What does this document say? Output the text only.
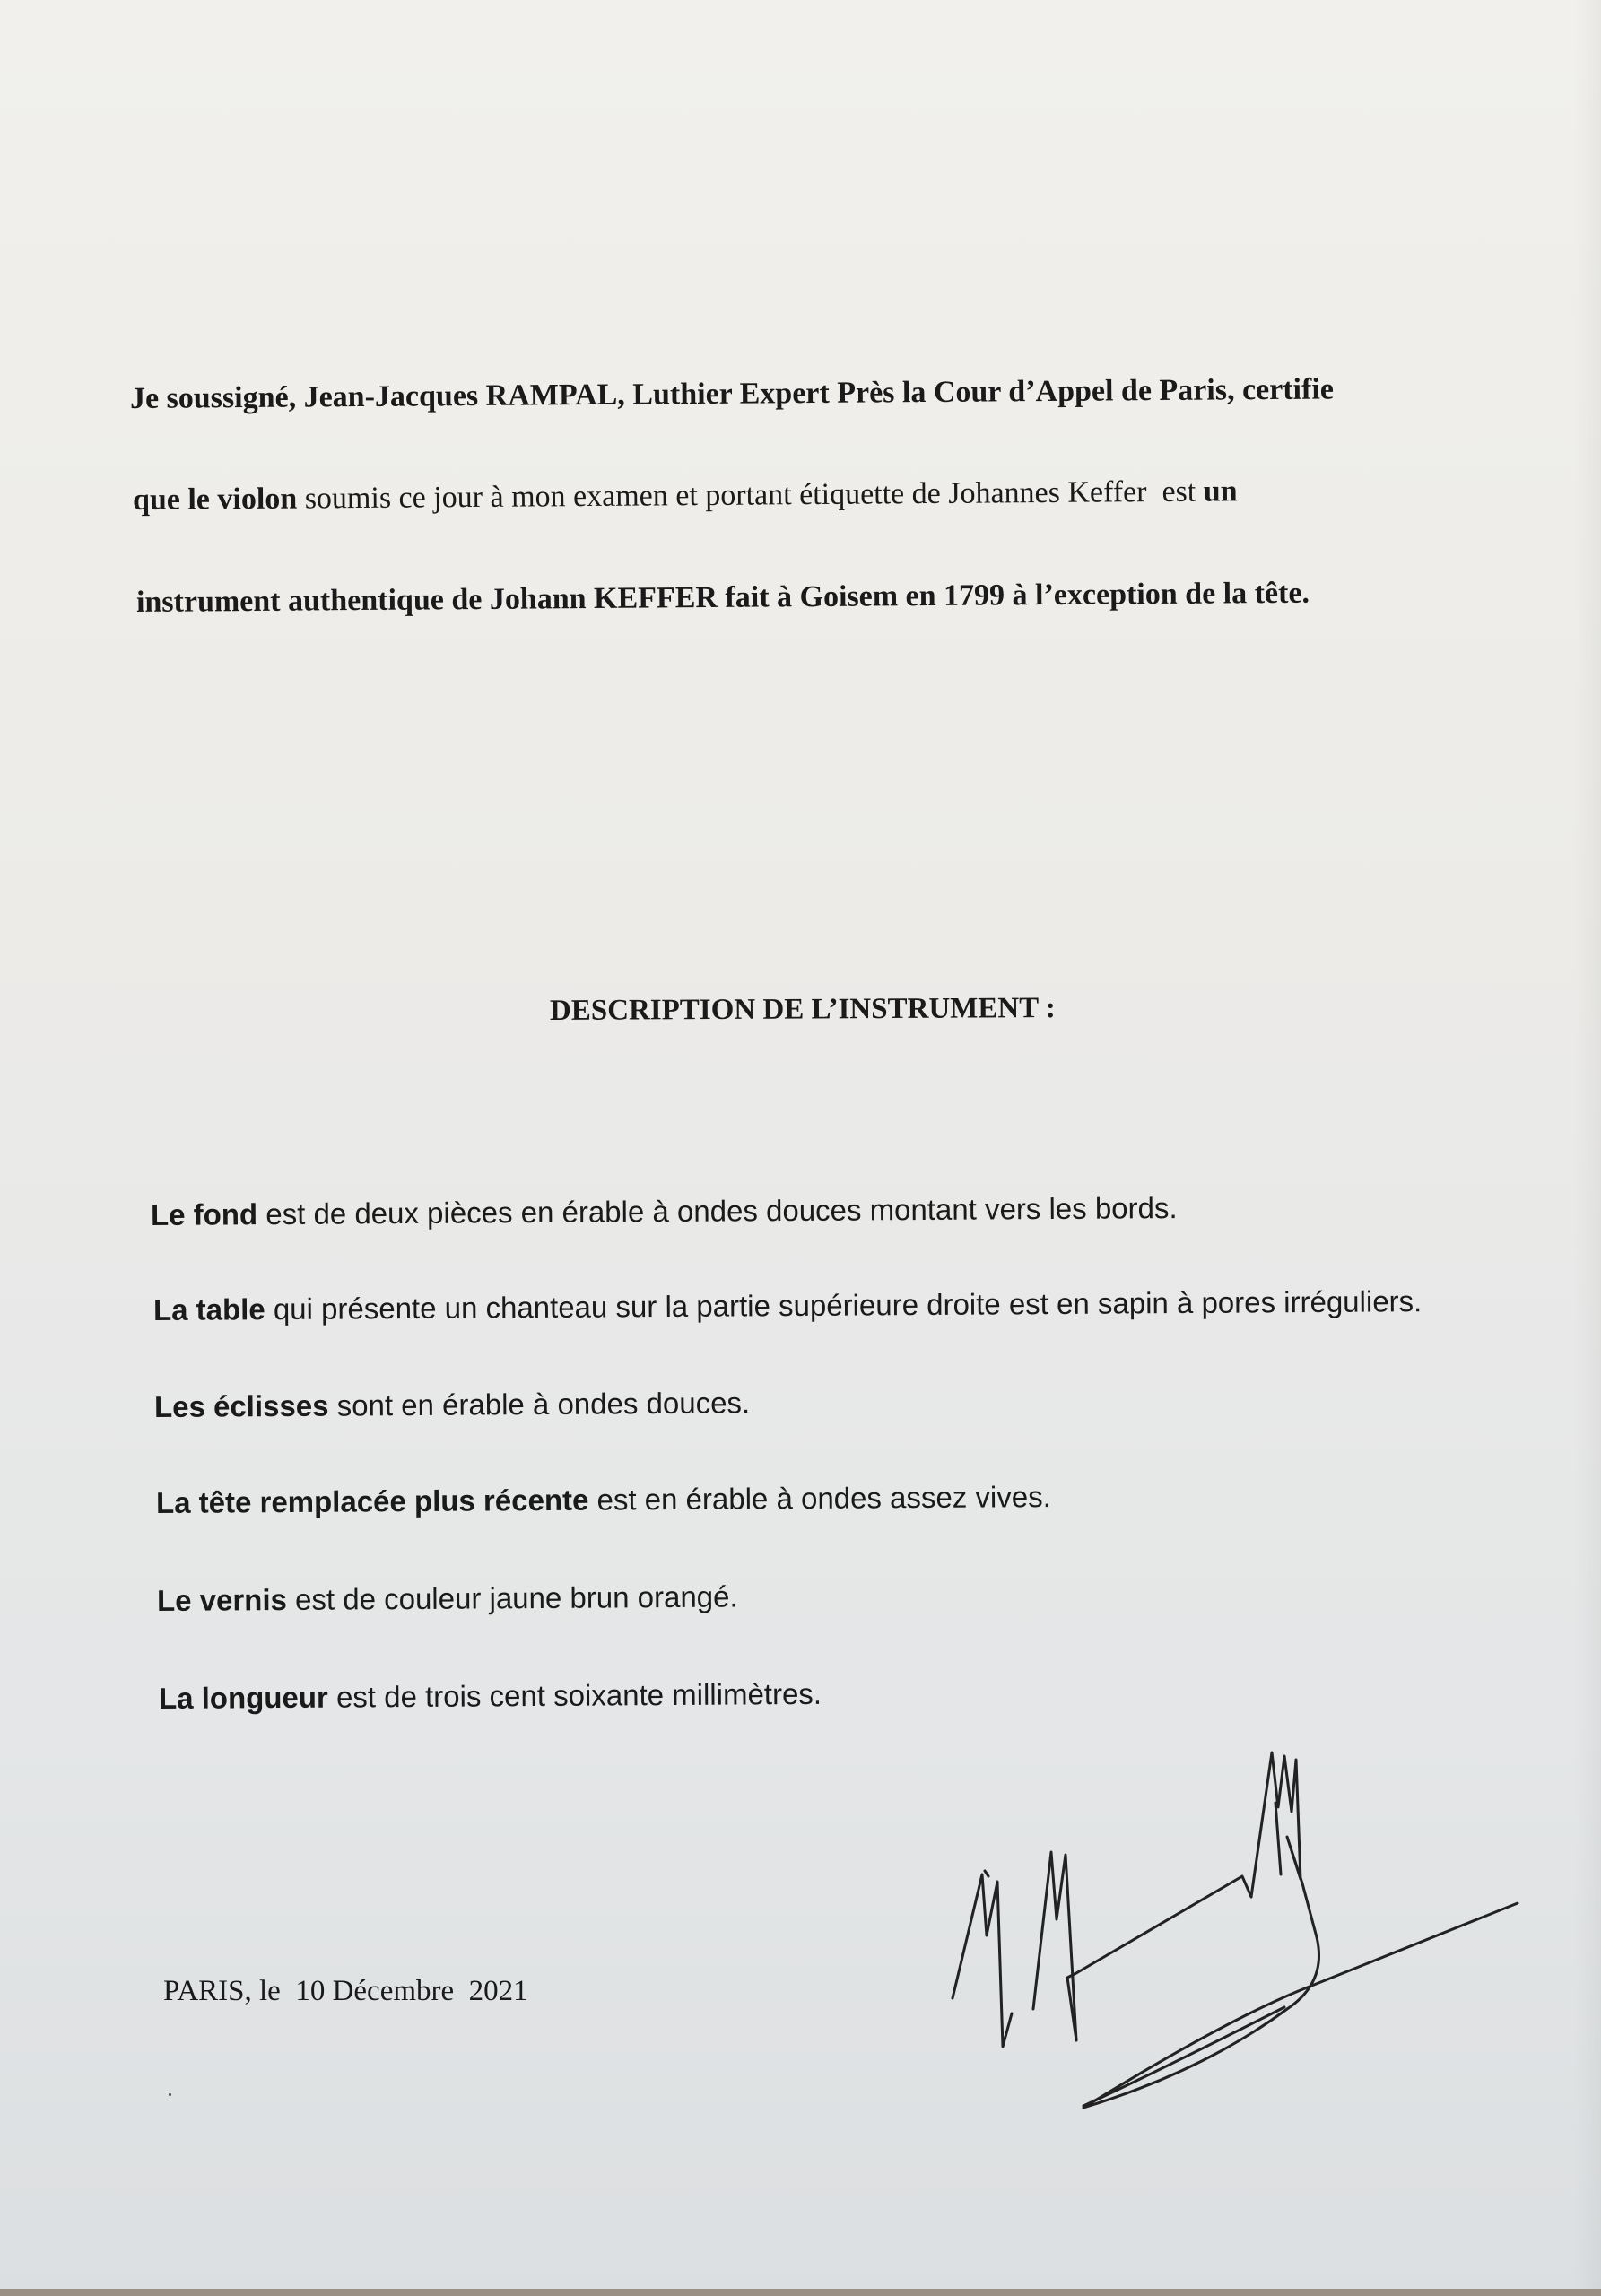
Je soussigné, Jean-Jacques RAMPAL, Luthier Expert Près la Cour d’Appel de Paris, certifie
que le violon soumis ce jour à mon examen et portant étiquette de Johannes Keffer  est un
instrument authentique de Johann KEFFER fait à Goisem en 1799 à l’exception de la tête.
DESCRIPTION DE L’INSTRUMENT :
Le fond est de deux pièces en érable à ondes douces montant vers les bords.
La table qui présente un chanteau sur la partie supérieure droite est en sapin à pores irréguliers.
Les éclisses sont en érable à ondes douces.
La tête remplacée plus récente est en érable à ondes assez vives.
Le vernis est de couleur jaune brun orangé.
La longueur est de trois cent soixante millimètres.
PARIS, le  10 Décembre  2021
